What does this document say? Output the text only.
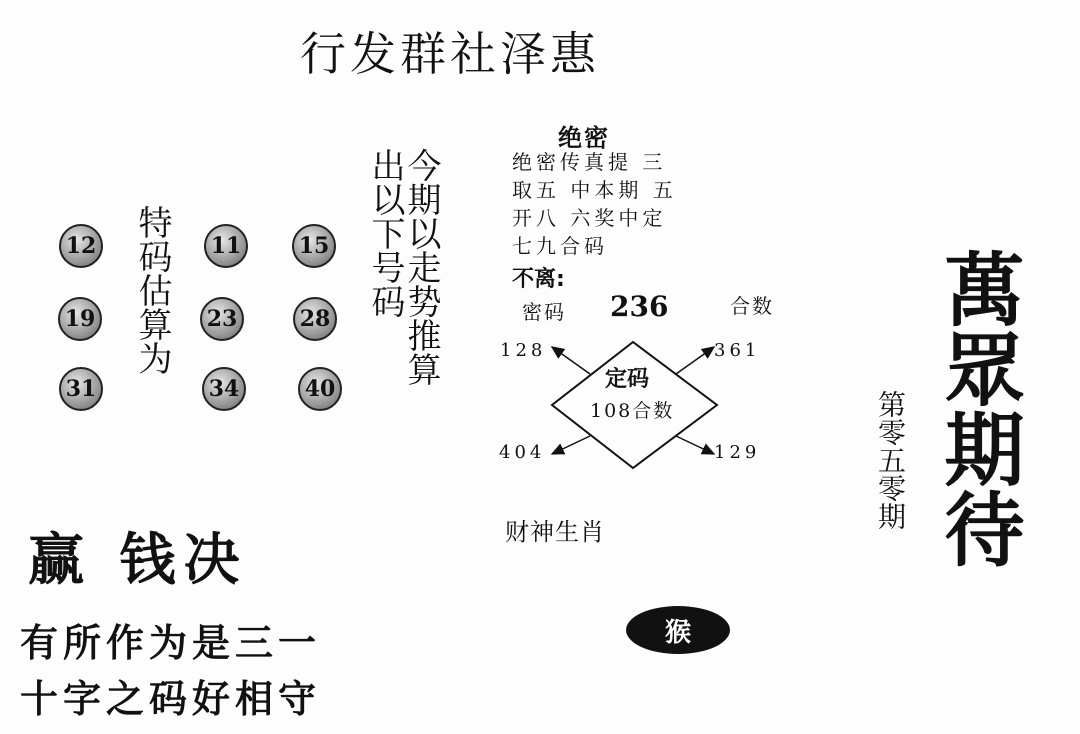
行发群社泽惠
12	11	15
19	23	28
31	34	40
特码估算为	今期以走势推算
出以下号码
绝密
绝密传真提 三
取五 中本期 五
开八 六奖中定
七九合码
不离:
密码 236	合数
定码
108合数
128	361
404	129
财神生肖
猴
赢 钱决
有所作为是三一
十字之码好相守
第零五零期 萬眾期待
